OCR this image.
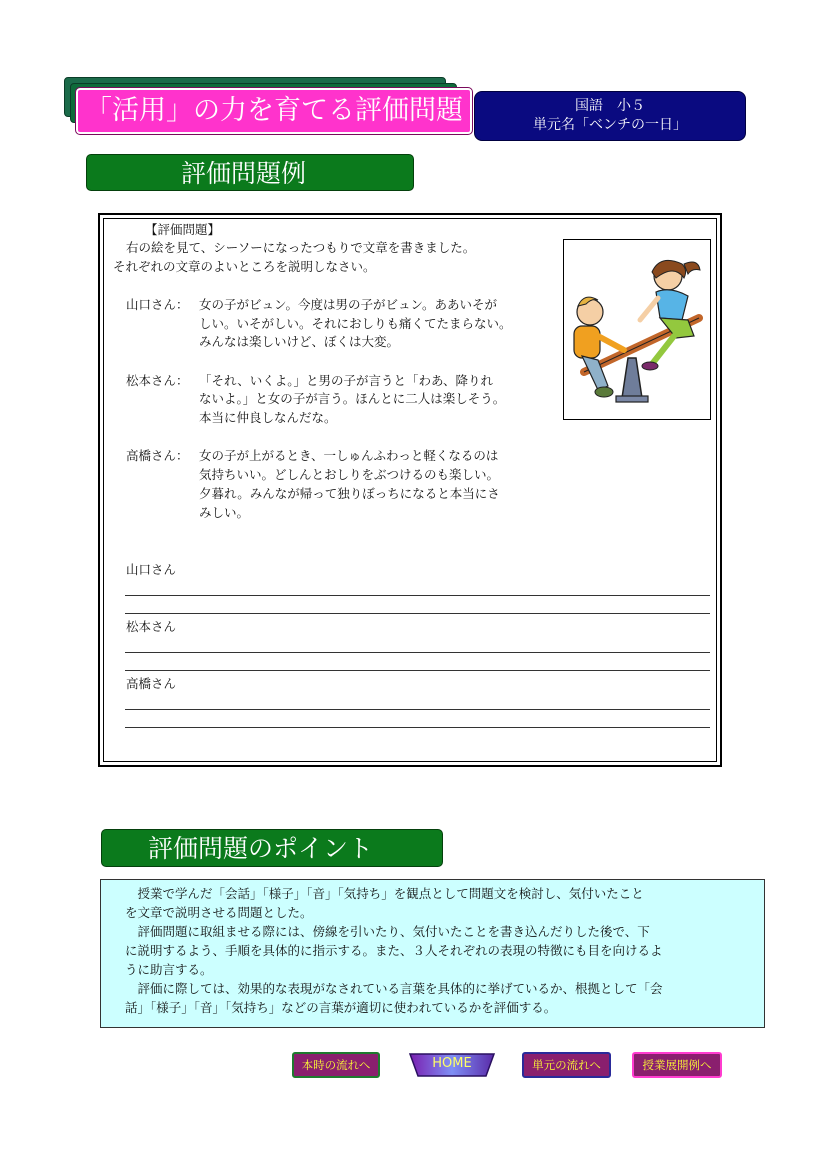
「活用」の力を育てる評価問題	国語　小５
単元名「ベンチの一日」
評価問題例
【評価問題】
右の絵を見て、シーソーになったつもりで文章を書きました。
それぞれの文章のよいところを説明しなさい。
山口さん： 女の子がビュン。今度は男の子がビュン。ああいそが
しい。いそがしい。それにおしりも痛くてたまらない。
みんなは楽しいけど、ぼくは大変。
松本さん： 「それ、いくよ。」と男の子が言うと「わあ、降りれ
ないよ。」と女の子が言う。ほんとに二人は楽しそう。
本当に仲良しなんだな。
高橋さん： 女の子が上がるとき、一しゅんふわっと軽くなるのは
気持ちいい。どしんとおしりをぶつけるのも楽しい。
夕暮れ。みんなが帰って独りぼっちになると本当にさ
みしい。
山口さん
松本さん
高橋さん
評価問題のポイント

　授業で学んだ「会話」「様子」「音」「気持ち」を観点として問題文を検討し、気付いたこと

を文章で説明させる問題とした。

　評価問題に取組ませる際には、傍線を引いたり、気付いたことを書き込んだりした後で、下

に説明するよう、手順を具体的に指示する。また、３人それぞれの表現の特徴にも目を向けるよ

うに助言する。

　評価に際しては、効果的な表現がなされている言葉を具体的に挙げているか、根拠として「会

話」「様子」「音」「気持ち」などの言葉が適切に使われているかを評価する。

本時の流れへ	HOME	単元の流れへ	授業展開例へ
